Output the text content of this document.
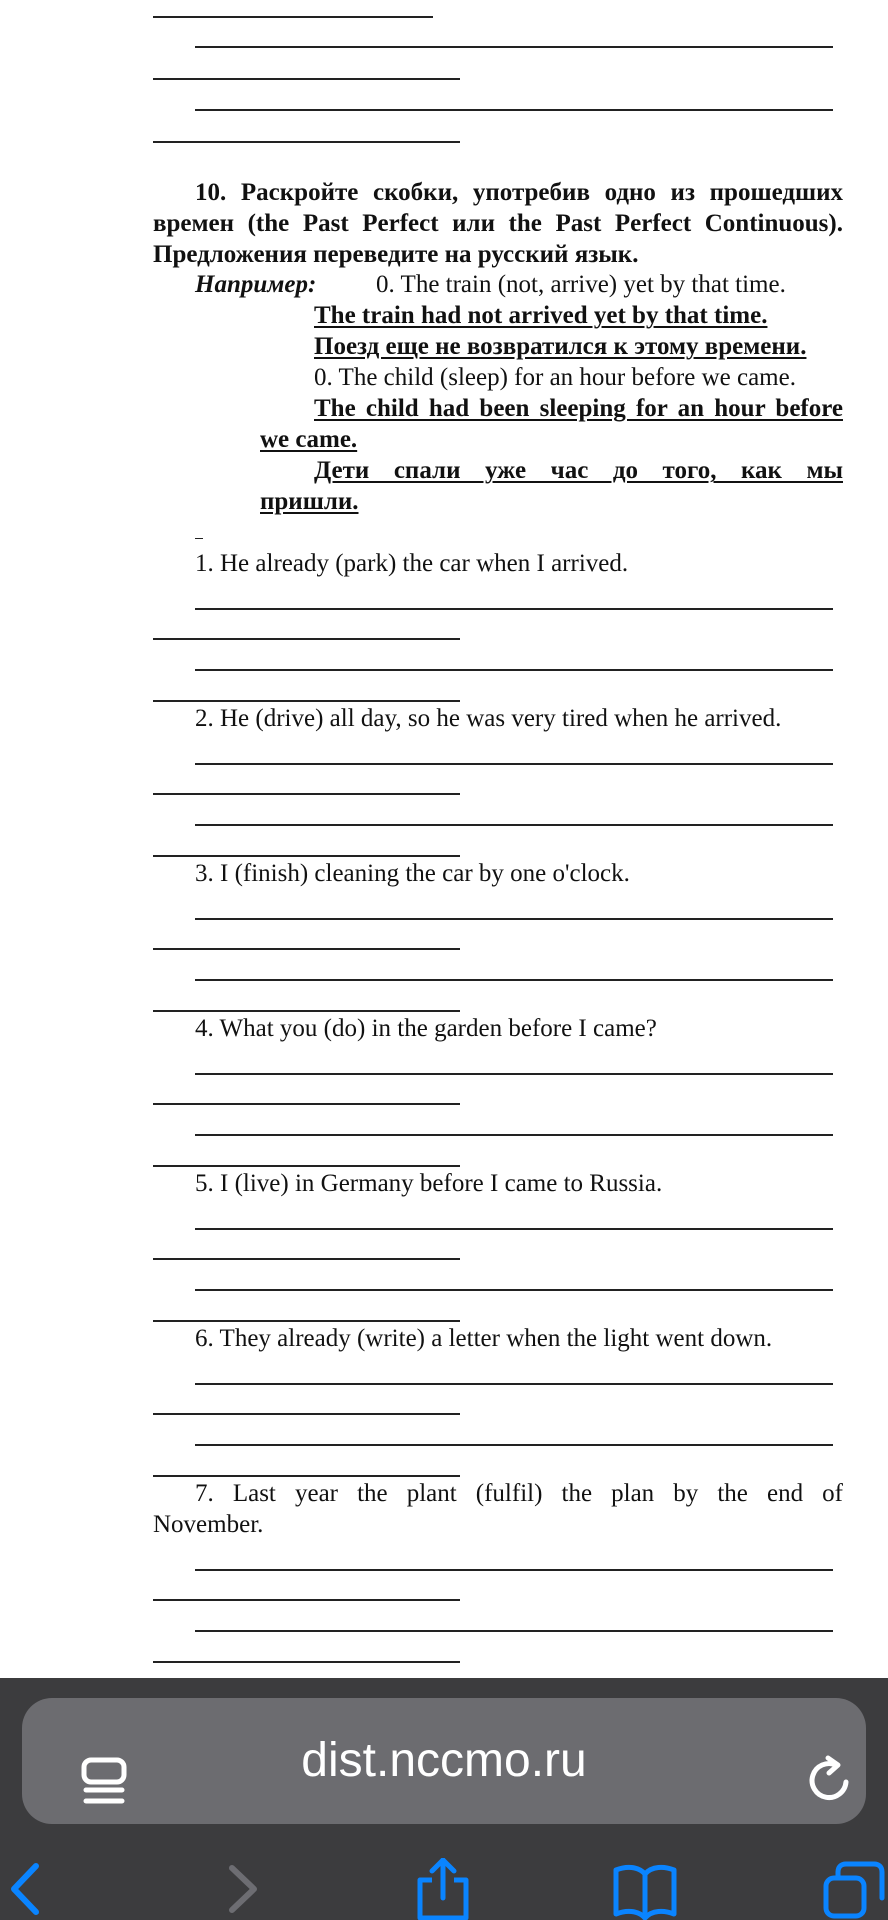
10. Раскройте скобки, употребив одно из прошедших
времен (the Past Perfect или the Past Perfect Continuous).
Предложения переведите на русский язык.
Например: 0. The train (not, arrive) yet by that time.
The train had not arrived yet by that time.
Поезд еще не возвратился к этому времени.
0. The child (sleep) for an hour before we came.
The child had been sleeping for an hour before
we came.
Дети спали уже час до того, как мы
пришли.
1. He already (park) the car when I arrived.
2. He (drive) all day, so he was very tired when he arrived.
3. I (finish) cleaning the car by one o'clock.
4. What you (do) in the garden before I came?
5. I (live) in Germany before I came to Russia.
6. They already (write) a letter when the light went down.
7. Last year the plant (fulfil) the plan by the end of
November.
dist.nccmo.ru
